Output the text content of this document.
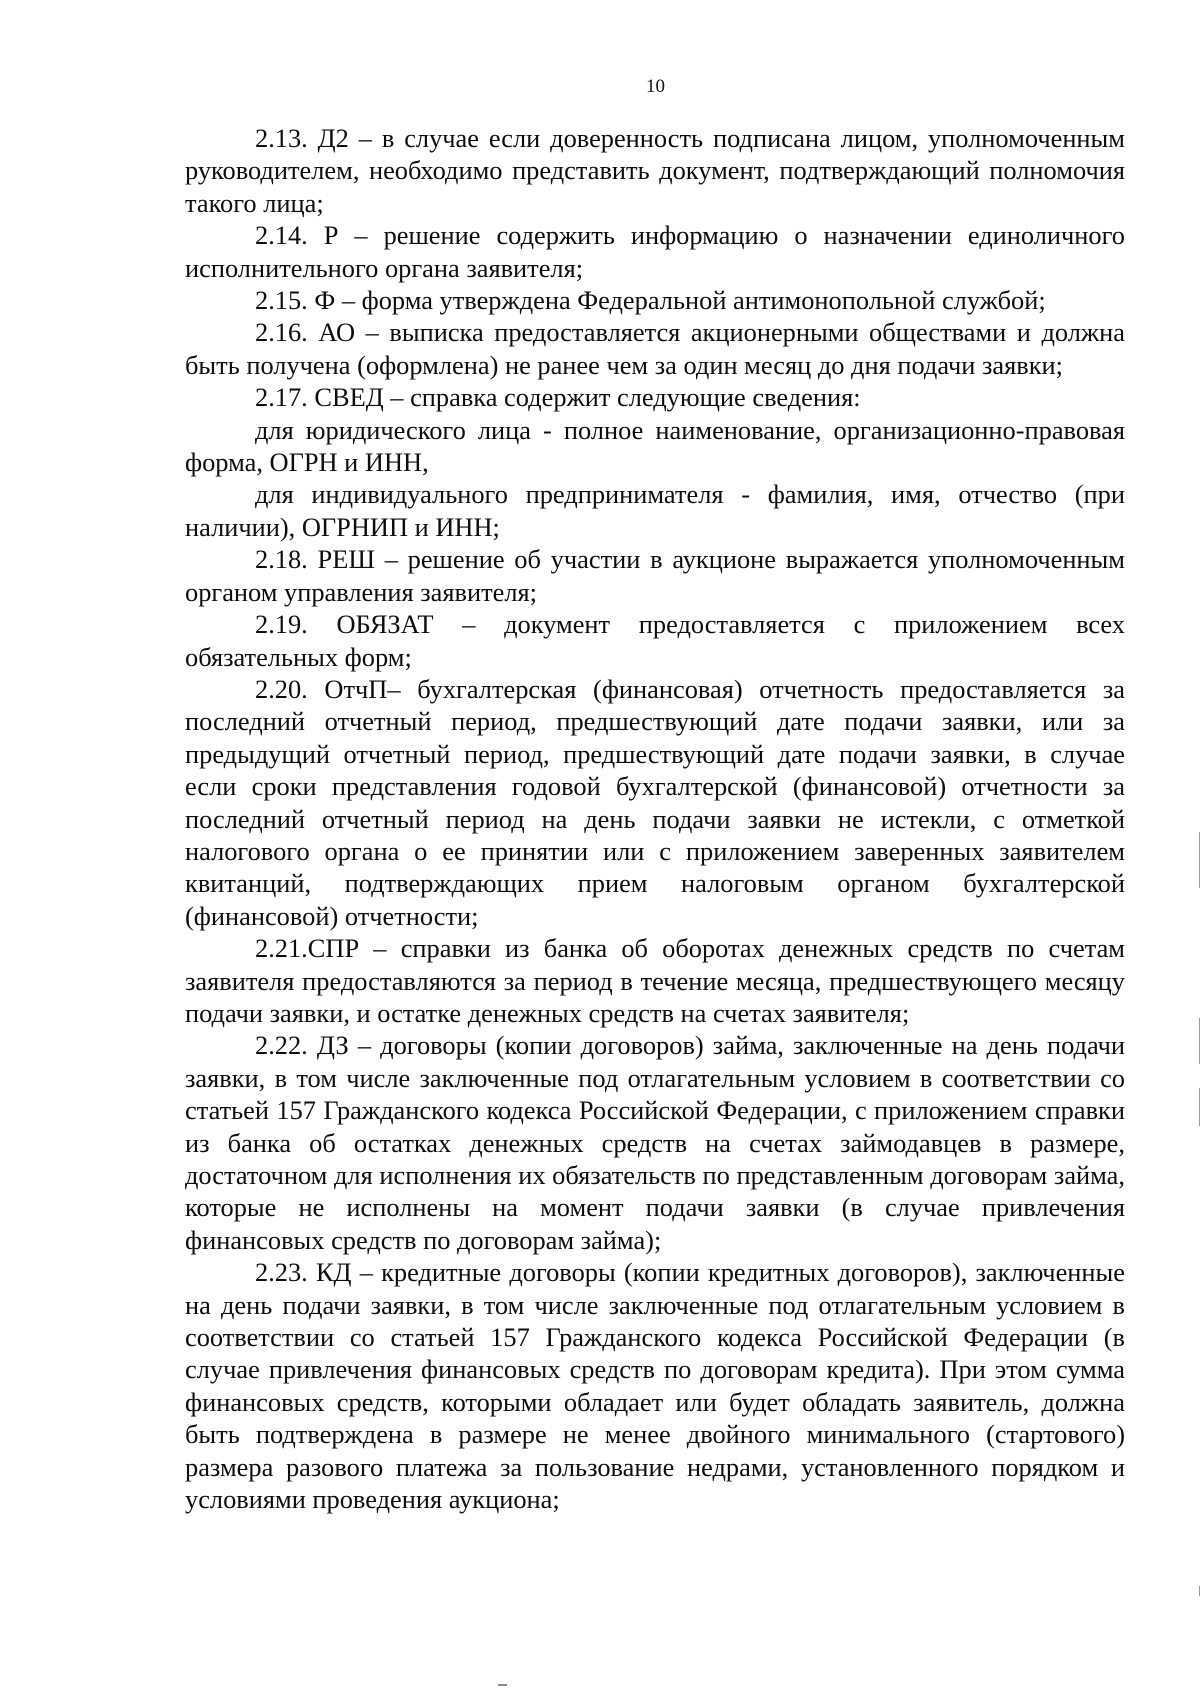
10

2.13. Д2 – в случае если доверенность подписана лицом, уполномоченным руководителем, необходимо представить документ, подтверждающий полномочия такого лица;

2.14. Р – решение содержить информацию о назначении единоличного исполнительного органа заявителя;

2.15. Ф – форма утверждена Федеральной антимонопольной службой;

2.16. АО – выписка предоставляется акционерными обществами и должна быть получена (оформлена) не ранее чем за один месяц до дня подачи заявки;

2.17. СВЕД – справка содержит следующие сведения:

для юридического лица - полное наименование, организационно-правовая форма, ОГРН и ИНН,

для индивидуального предпринимателя - фамилия, имя, отчество (при наличии), ОГРНИП и ИНН;

2.18. РЕШ – решение об участии в аукционе выражается уполномоченным органом управления заявителя;

2.19. ОБЯЗАТ – документ предоставляется с приложением всех обязательных форм;

2.20. ОтчП– бухгалтерская (финансовая) отчетность предоставляется за последний отчетный период, предшествующий дате подачи заявки, или за предыдущий отчетный период, предшествующий дате подачи заявки, в случае если сроки представления годовой бухгалтерской (финансовой) отчетности за последний отчетный период на день подачи заявки не истекли, с отметкой налогового органа о ее принятии или с приложением заверенных заявителем квитанций, подтверждающих прием налоговым органом бухгалтерской (финансовой) отчетности;

2.21.СПР – справки из банка об оборотах денежных средств по счетам заявителя предоставляются за период в течение месяца, предшествующего месяцу подачи заявки, и остатке денежных средств на счетах заявителя;

2.22. ДЗ – договоры (копии договоров) займа, заключенные на день подачи заявки, в том числе заключенные под отлагательным условием в соответствии со статьей 157 Гражданского кодекса Российской Федерации, с приложением справки из банка об остатках денежных средств на счетах займодавцев в размере, достаточном для исполнения их обязательств по представленным договорам займа, которые не исполнены на момент подачи заявки (в случае привлечения финансовых средств по договорам займа);

2.23. КД – кредитные договоры (копии кредитных договоров), заключенные на день подачи заявки, в том числе заключенные под отлагательным условием в соответствии со статьей 157 Гражданского кодекса Российской Федерации (в случае привлечения финансовых средств по договорам кредита). При этом сумма финансовых средств, которыми обладает или будет обладать заявитель, должна быть подтверждена в размере не менее двойного минимального (стартового) размера разового платежа за пользование недрами, установленного порядком и условиями проведения аукциона;
